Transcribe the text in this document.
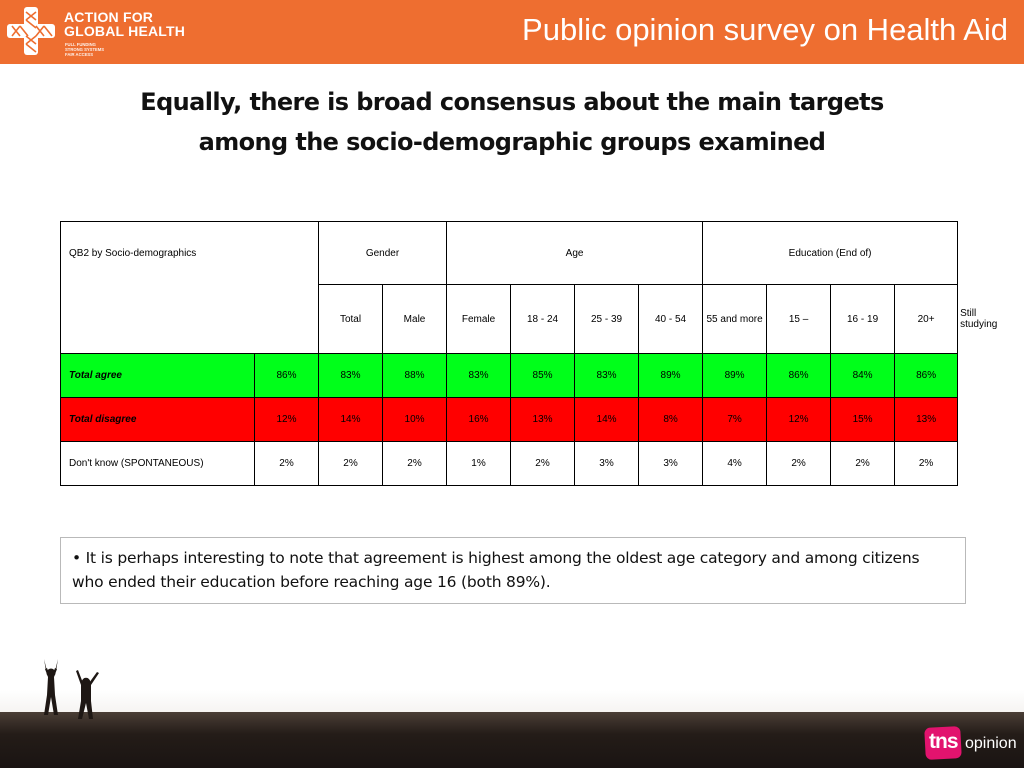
ACTION FOR
GLOBAL HEALTH
FULL FUNDING
STRONG SYSTEMS
FAIR ACCESS
Public opinion survey on Health Aid
Equally, there is broad consensus about the main targets
among the socio-demographic groups examined
QB2 by Socio-demographics		Gender		Age				Education (End of)				
		Total	Male	Female	18 - 24	25 - 39	40 - 54	55 and more	15 –	16 - 19	20+	Still studying
Total agree	86%	83%	88%	83%	85%	83%	89%	89%	86%	84%	86%	
Total disagree	12%	14%	10%	16%	13%	14%	8%	7%	12%	15%	13%	
Don't know (SPONTANEOUS)	2%	2%	2%	1%	2%	3%	3%	4%	2%	2%	2%	
• It is perhaps interesting to note that agreement is highest among the oldest age category and among citizens who ended their education before reaching age 16 (both 89%).
tns opinion
